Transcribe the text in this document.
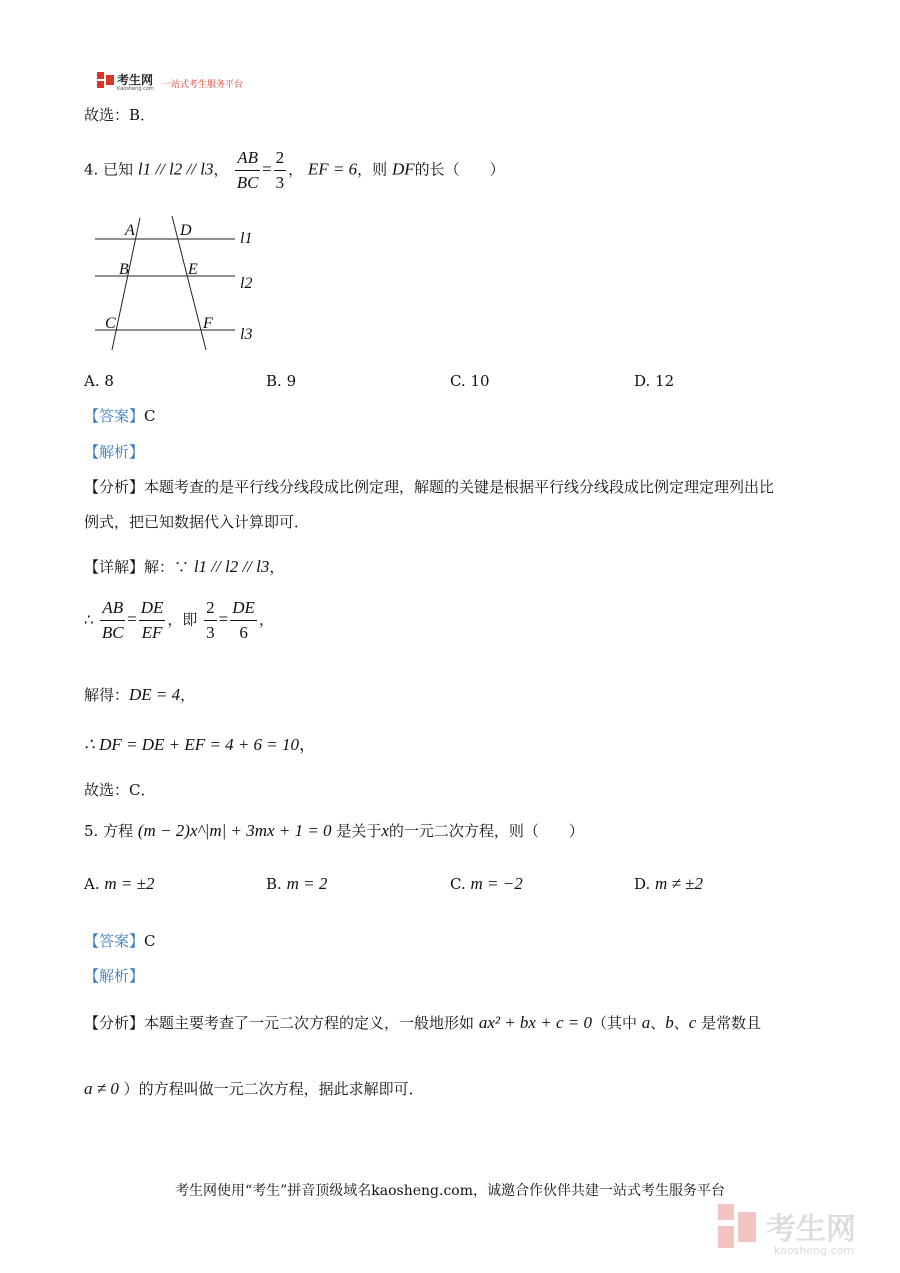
考生网
Kaosheng.com 一站式考生服务平台
故选：B．
4. 已知 l1 // l2 // l3， $\frac{AB}{BC} = \frac{2}{3}$ ， EF = 6，则 DF的长（　　）
A
B
C
D
E
F
l1
l2
l3
A. 8	B. 9	C. 10	D. 12
【答案】C
【解析】
【分析】本题考查的是平行线分线段成比例定理，解题的关键是根据平行线分线段成比例定理定理列出比
例式，把已知数据代入计算即可．
【详解】解：∵ l1 // l2 // l3，
∴ $\frac{AB}{BC} = \frac{DE}{EF}$ ，即 $\frac{2}{3} = \frac{DE}{6}$ ，
解得：DE = 4，
∴ DF = DE + EF = 4 + 6 = 10，
故选：C．
5. 方程 (m − 2)x^|m| + 3mx + 1 = 0 是关于x的一元二次方程，则（　　）
A. m = ±2	B. m = 2	C. m = −2	D. m ≠ ±2
【答案】C
【解析】
【分析】本题主要考查了一元二次方程的定义，一般地形如 ax² + bx + c = 0（其中 a、b、c 是常数且
a ≠ 0 ）的方程叫做一元二次方程，据此求解即可．
考生网使用“考生”拼音顶级域名kaosheng.com，诚邀合作伙伴共建一站式考生服务平台
考生网
kaosheng.com
